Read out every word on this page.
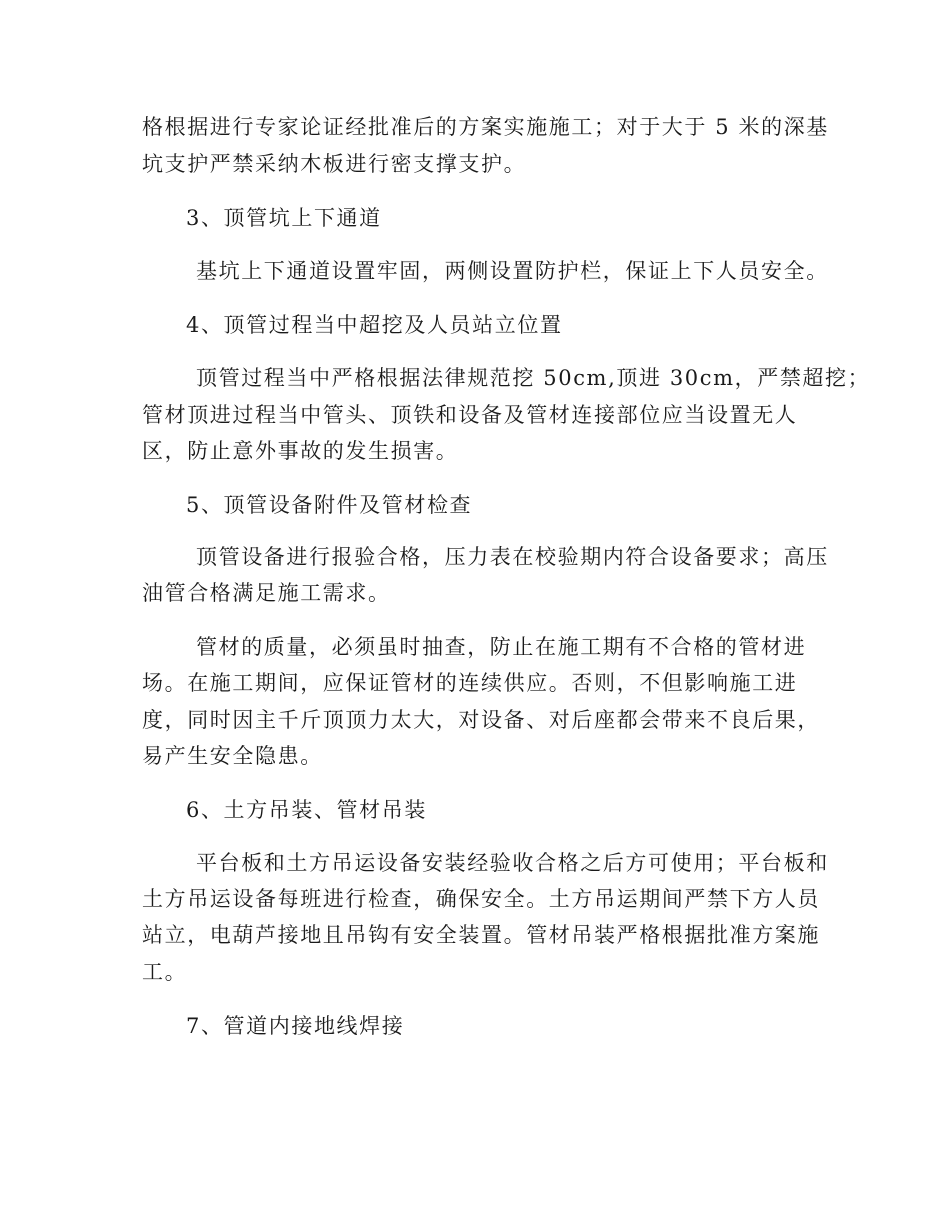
格根据进行专家论证经批准后的方案实施施工；对于大于 5 米的深基
坑支护严禁采纳木板进行密支撑支护。
3、顶管坑上下通道
基坑上下通道设置牢固，两侧设置防护栏，保证上下人员安全。
4、顶管过程当中超挖及人员站立位置
顶管过程当中严格根据法律规范挖 50cm,顶进 30cm，严禁超挖；
管材顶进过程当中管头、顶铁和设备及管材连接部位应当设置无人
区，防止意外事故的发生损害。
5、顶管设备附件及管材检查
顶管设备进行报验合格，压力表在校验期内符合设备要求；高压
油管合格满足施工需求。
管材的质量，必须虽时抽查，防止在施工期有不合格的管材进
场。在施工期间，应保证管材的连续供应。否则，不但影响施工进
度，同时因主千斤顶顶力太大，对设备、对后座都会带来不良后果，
易产生安全隐患。
6、土方吊装、管材吊装
平台板和土方吊运设备安装经验收合格之后方可使用；平台板和
土方吊运设备每班进行检查，确保安全。土方吊运期间严禁下方人员
站立，电葫芦接地且吊钩有安全装置。管材吊装严格根据批准方案施
工。
7、管道内接地线焊接
